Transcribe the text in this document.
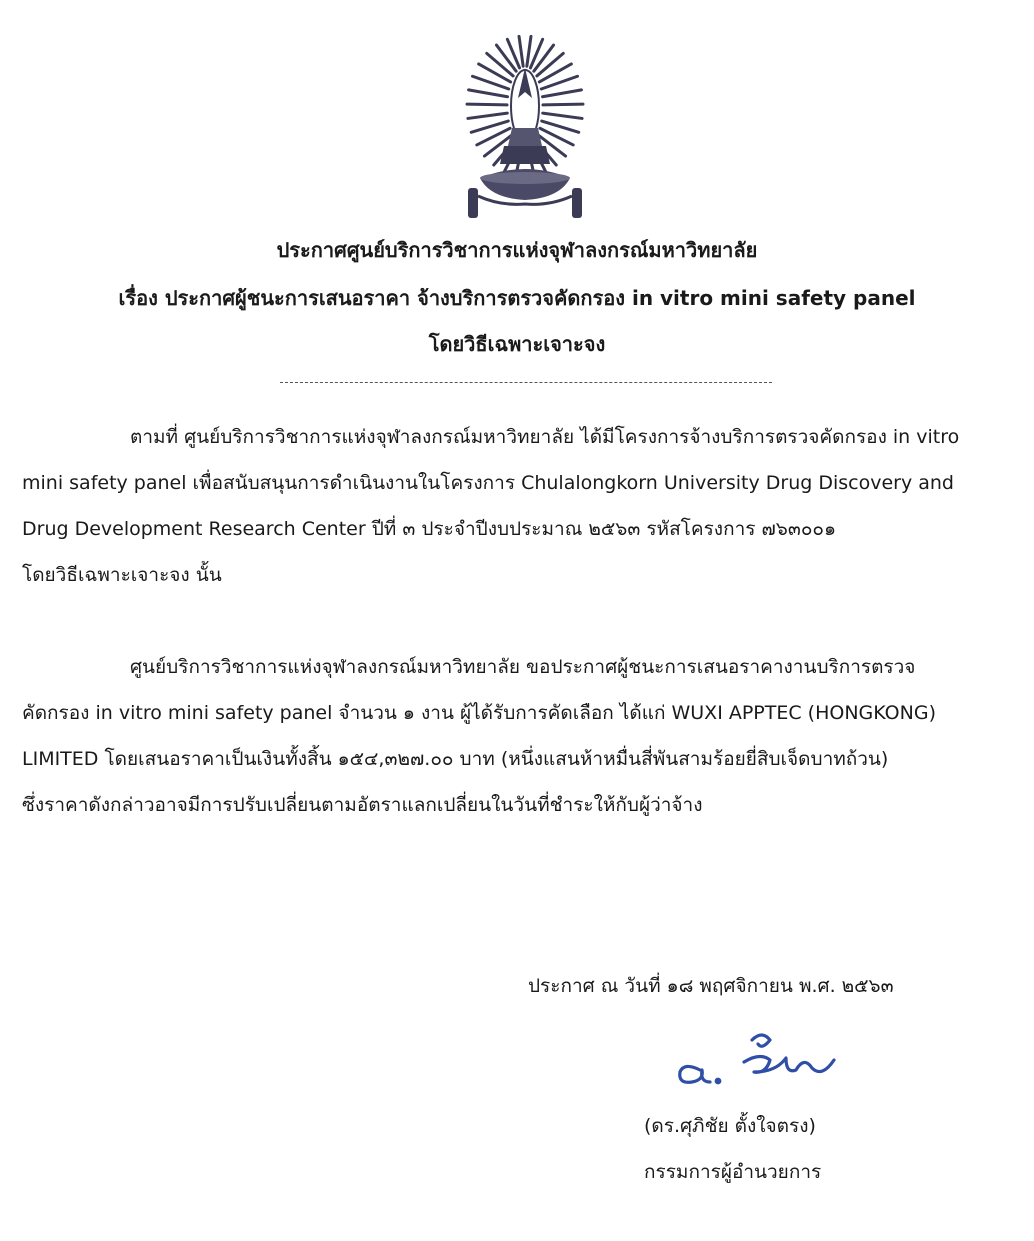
ประกาศศูนย์บริการวิชาการแห่งจุฬาลงกรณ์มหาวิทยาลัย
เรื่อง ประกาศผู้ชนะการเสนอราคา จ้างบริการตรวจคัดกรอง in vitro mini safety panel
โดยวิธีเฉพาะเจาะจง

ตามที่ ศูนย์บริการวิชาการแห่งจุฬาลงกรณ์มหาวิทยาลัย ได้มีโครงการจ้างบริการตรวจคัดกรอง in vitro
mini safety panel เพื่อสนับสนุนการดำเนินงานในโครงการ Chulalongkorn University Drug Discovery and
Drug Development Research Center ปีที่ ๓ ประจำปีงบประมาณ ๒๕๖๓ รหัสโครงการ ๗๖๓๐๐๑
โดยวิธีเฉพาะเจาะจง นั้น

ศูนย์บริการวิชาการแห่งจุฬาลงกรณ์มหาวิทยาลัย ขอประกาศผู้ชนะการเสนอราคางานบริการตรวจ
คัดกรอง in vitro mini safety panel จำนวน ๑ งาน ผู้ได้รับการคัดเลือก ได้แก่ WUXI APPTEC (HONGKONG)
LIMITED โดยเสนอราคาเป็นเงินทั้งสิ้น ๑๕๔,๓๒๗.๐๐ บาท (หนึ่งแสนห้าหมื่นสี่พันสามร้อยยี่สิบเจ็ดบาทถ้วน)
ซึ่งราคาดังกล่าวอาจมีการปรับเปลี่ยนตามอัตราแลกเปลี่ยนในวันที่ชำระให้กับผู้ว่าจ้าง

ประกาศ ณ วันที่ ๑๘ พฤศจิกายน พ.ศ. ๒๕๖๓
(ดร.ศุภิชัย ตั้งใจตรง)
กรรมการผู้อำนวยการ
